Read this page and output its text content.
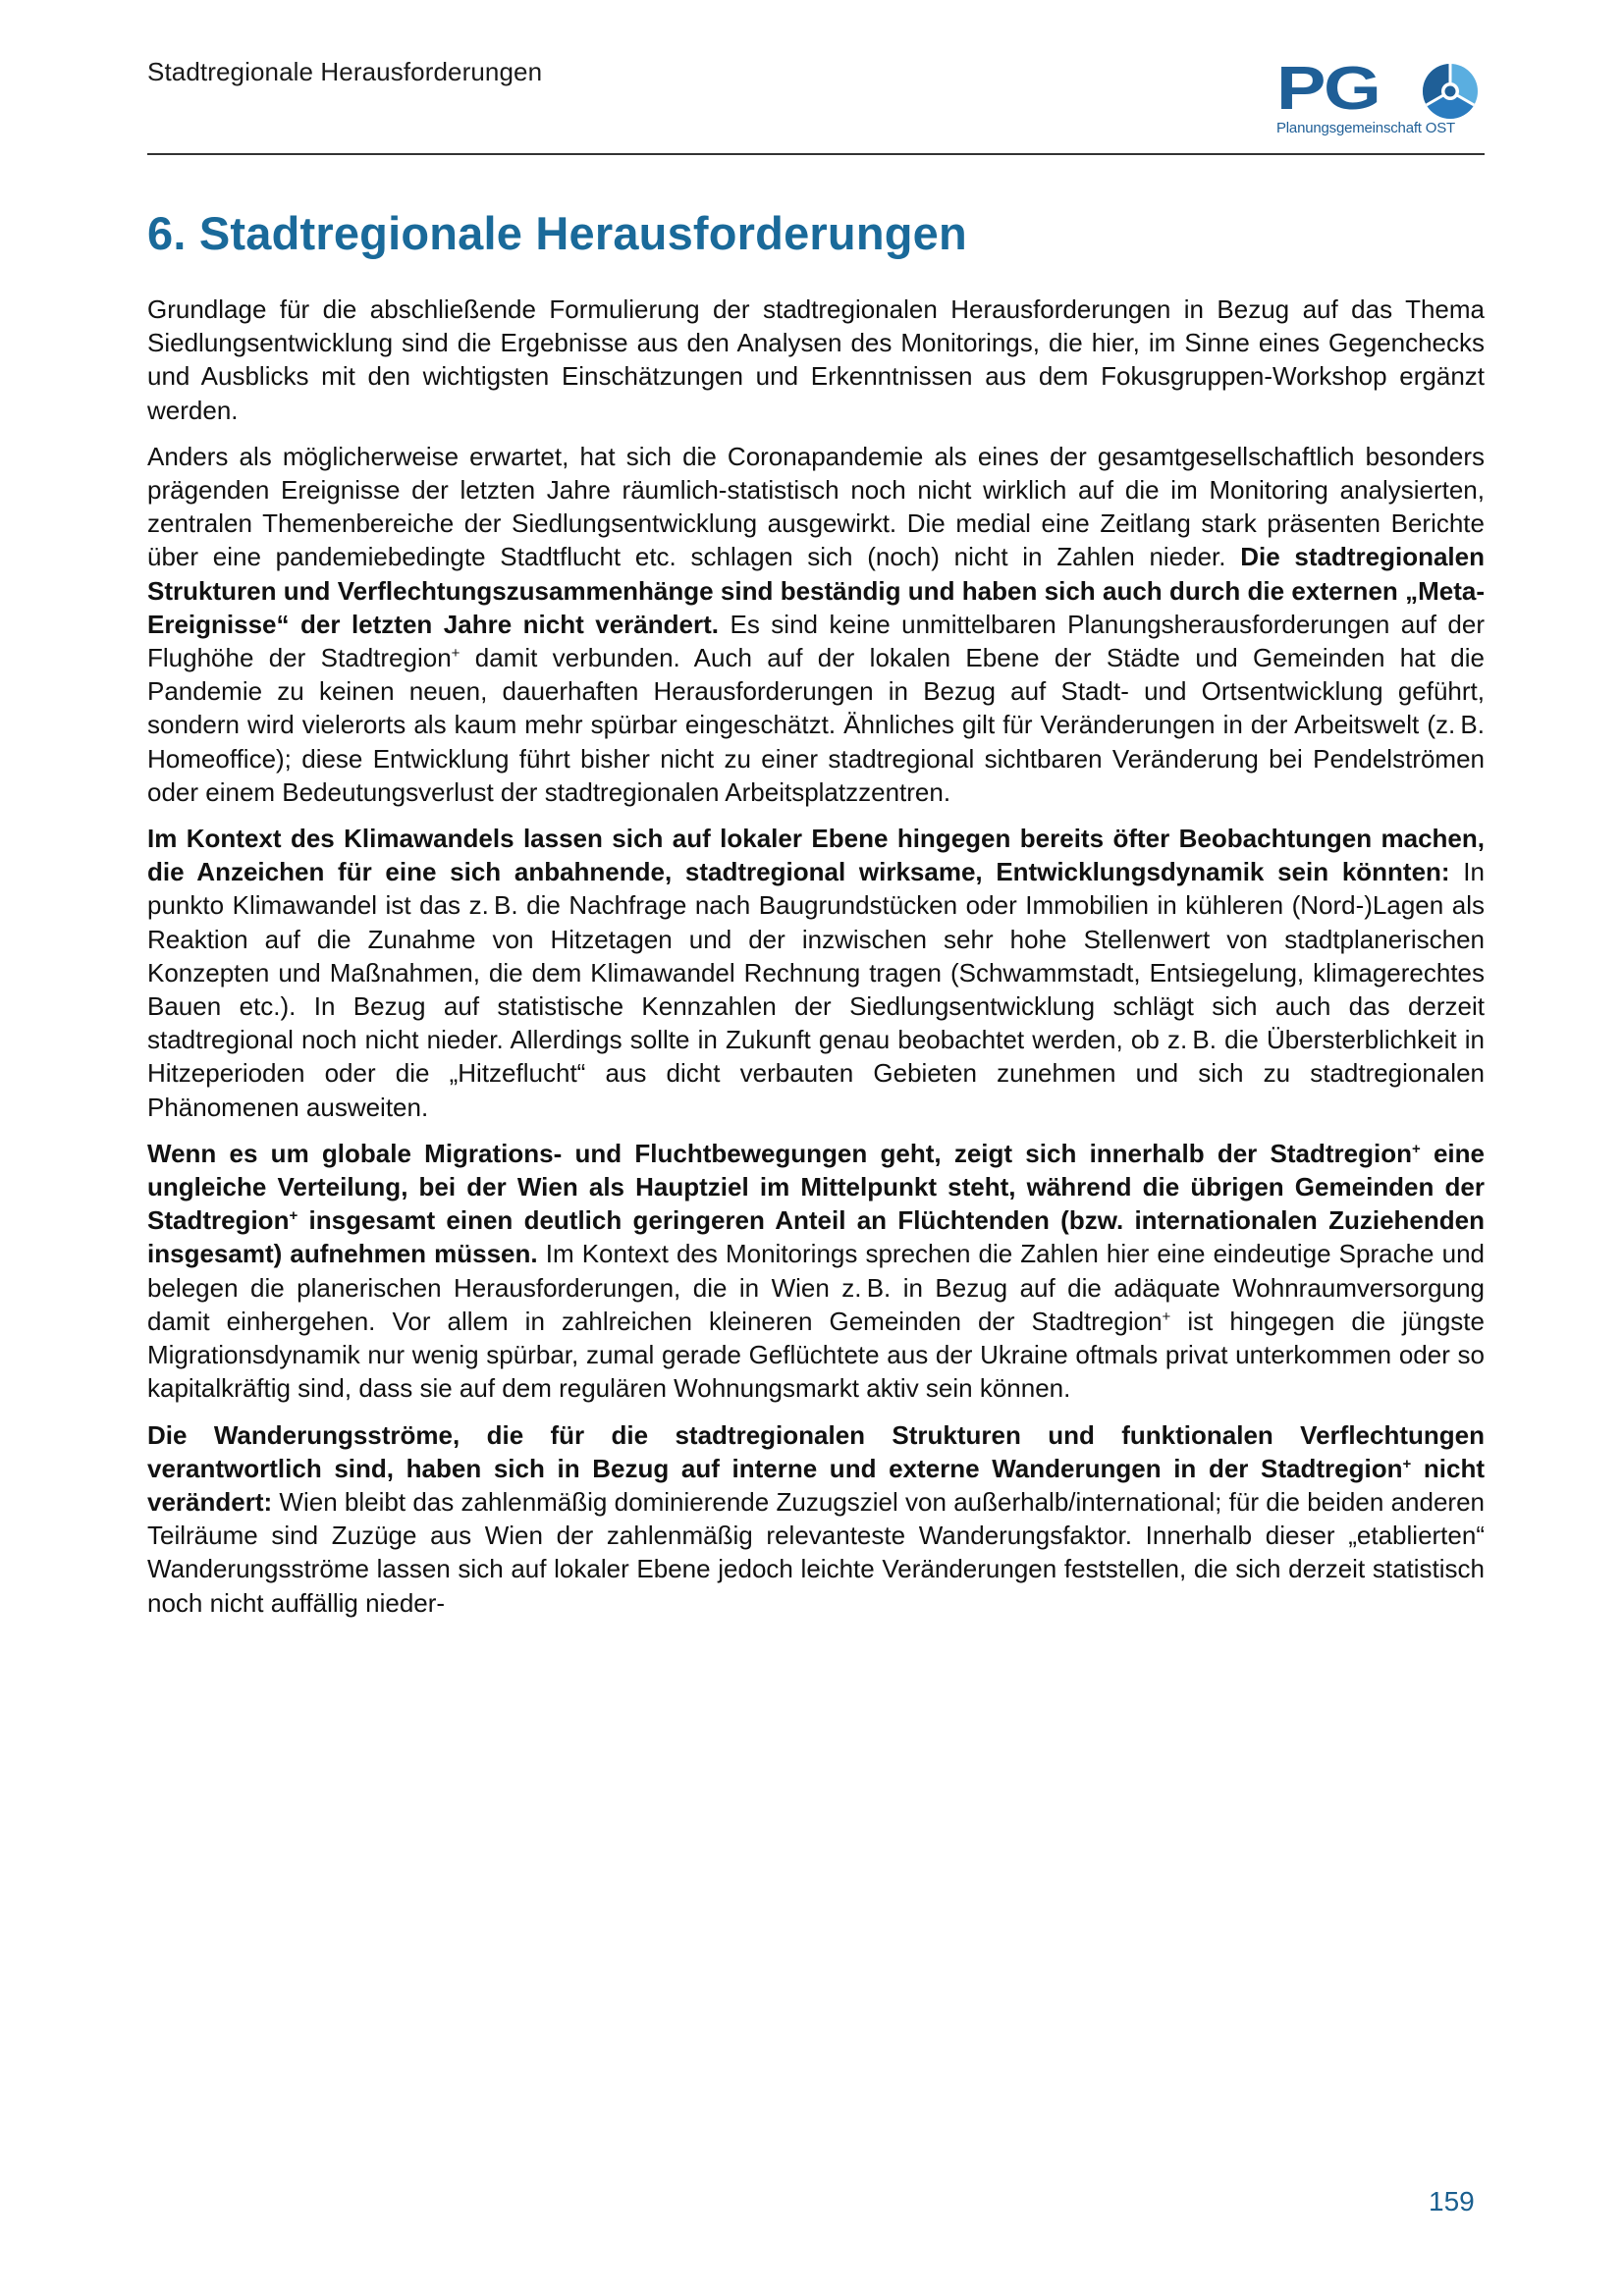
Stadtregionale Herausforderungen	PG
Planungsgemeinschaft OST
6. Stadtregionale Herausforderungen

Grundlage für die abschließende Formulierung der stadtregionalen Herausforderungen in Bezug auf das Thema Siedlungsentwicklung sind die Ergebnisse aus den Analysen des Monitorings, die hier, im Sinne eines Gegenchecks und Ausblicks mit den wichtigsten Einschätzungen und Erkenntnissen aus dem Fokusgruppen-Workshop ergänzt werden.

Anders als möglicherweise erwartet, hat sich die Coronapandemie als eines der gesamtgesellschaftlich besonders prägenden Ereignisse der letzten Jahre räumlich-statistisch noch nicht wirklich auf die im Monitoring analysierten, zentralen Themenbereiche der Siedlungsentwicklung ausgewirkt. Die medial eine Zeitlang stark präsenten Berichte über eine pandemiebedingte Stadtflucht etc. schlagen sich (noch) nicht in Zahlen nieder. Die stadtregionalen Strukturen und Verflechtungszusammenhänge sind beständig und haben sich auch durch die externen „Meta-Ereignisse“ der letzten Jahre nicht verändert. Es sind keine unmittelbaren Planungsherausforderungen auf der Flughöhe der Stadtregion+ damit verbunden. Auch auf der lokalen Ebene der Städte und Gemeinden hat die Pandemie zu keinen neuen, dauerhaften Herausforderungen in Bezug auf Stadt- und Ortsentwicklung geführt, sondern wird vielerorts als kaum mehr spürbar eingeschätzt. Ähnliches gilt für Veränderungen in der Arbeitswelt (z. B. Homeoffice); diese Entwicklung führt bisher nicht zu einer stadtregional sichtbaren Veränderung bei Pendelströmen oder einem Bedeutungsverlust der stadtregionalen Arbeitsplatzzentren.

Im Kontext des Klimawandels lassen sich auf lokaler Ebene hingegen bereits öfter Beobachtungen machen, die Anzeichen für eine sich anbahnende, stadtregional wirksame, Entwicklungsdynamik sein könnten: In punkto Klimawandel ist das z. B. die Nachfrage nach Baugrundstücken oder Immobilien in kühleren (Nord-)Lagen als Reaktion auf die Zunahme von Hitzetagen und der inzwischen sehr hohe Stellenwert von stadtplanerischen Konzepten und Maßnahmen, die dem Klimawandel Rechnung tragen (Schwammstadt, Entsiegelung, klimagerechtes Bauen etc.). In Bezug auf statistische Kennzahlen der Siedlungsentwicklung schlägt sich auch das derzeit stadtregional noch nicht nieder. Allerdings sollte in Zukunft genau beobachtet werden, ob z. B. die Übersterblichkeit in Hitzeperioden oder die „Hitzeflucht“ aus dicht verbauten Gebieten zunehmen und sich zu stadtregionalen Phänomenen ausweiten.

Wenn es um globale Migrations- und Fluchtbewegungen geht, zeigt sich innerhalb der Stadtregion+ eine ungleiche Verteilung, bei der Wien als Hauptziel im Mittelpunkt steht, während die übrigen Gemeinden der Stadtregion+ insgesamt einen deutlich geringeren Anteil an Flüchtenden (bzw. internationalen Zuziehenden insgesamt) aufnehmen müssen. Im Kontext des Monitorings sprechen die Zahlen hier eine eindeutige Sprache und belegen die planerischen Herausforderungen, die in Wien z. B. in Bezug auf die adäquate Wohnraumversorgung damit einhergehen. Vor allem in zahlreichen kleineren Gemeinden der Stadtregion+ ist hingegen die jüngste Migrationsdynamik nur wenig spürbar, zumal gerade Geflüchtete aus der Ukraine oftmals privat unterkommen oder so kapitalkräftig sind, dass sie auf dem regulären Wohnungsmarkt aktiv sein können.

Die Wanderungsströme, die für die stadtregionalen Strukturen und funktionalen Verflechtungen verantwortlich sind, haben sich in Bezug auf interne und externe Wanderungen in der Stadtregion+ nicht verändert: Wien bleibt das zahlenmäßig dominierende Zuzugsziel von außerhalb/international; für die beiden anderen Teilräume sind Zuzüge aus Wien der zahlenmäßig relevanteste Wanderungsfaktor. Innerhalb dieser „etablierten“ Wanderungsströme lassen sich auf lokaler Ebene jedoch leichte Veränderungen feststellen, die sich derzeit statistisch noch nicht auffällig nieder-

159
